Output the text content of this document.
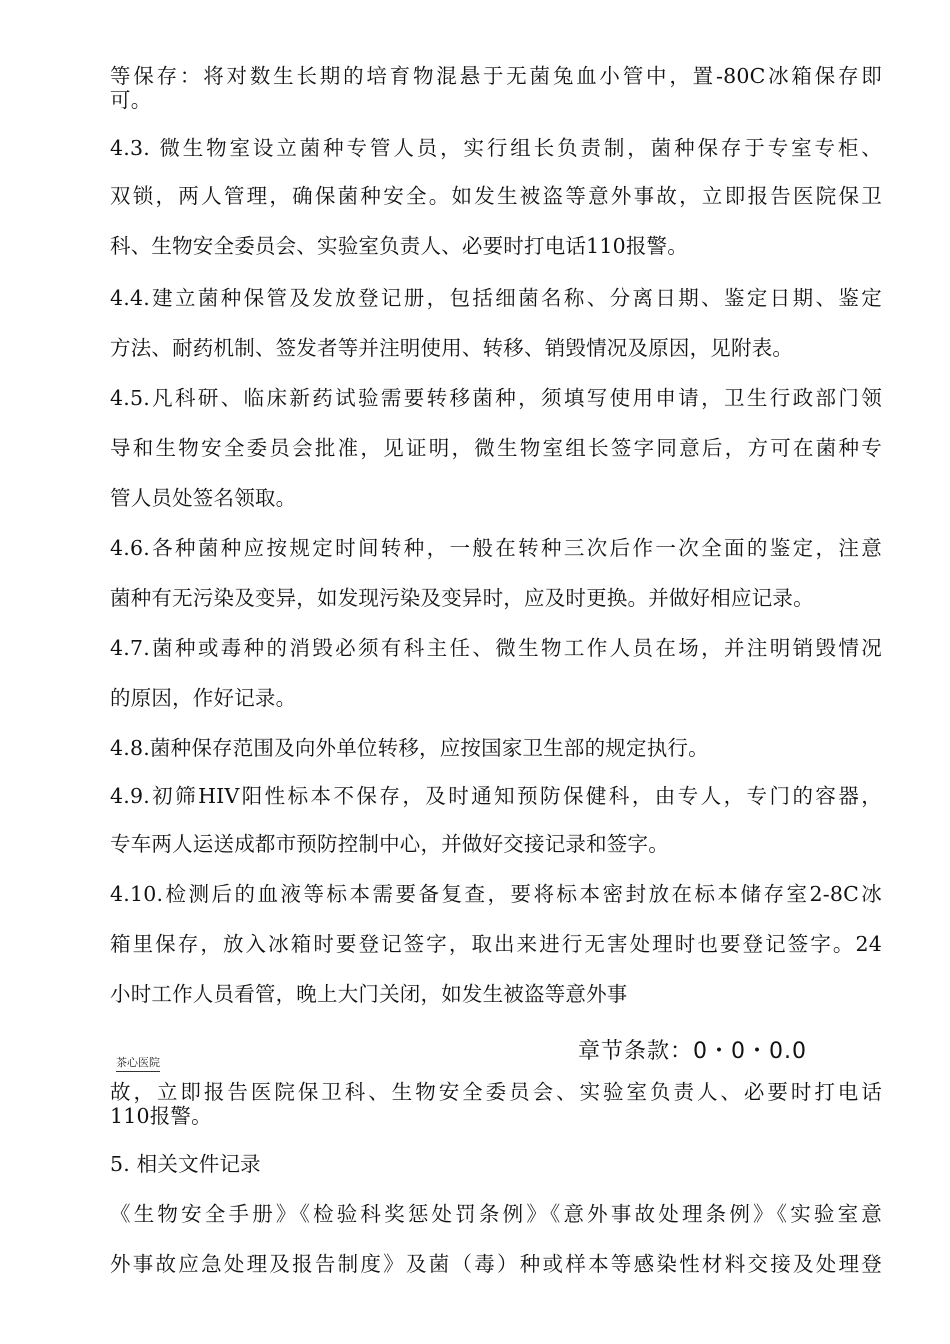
等保存：将对数生长期的培育物混悬于无菌兔血小管中，置-80C冰箱保存即
可。
4.3. 微生物室设立菌种专管人员，实行组长负责制，菌种保存于专室专柜、
双锁，两人管理，确保菌种安全。如发生被盗等意外事故，立即报告医院保卫
科、生物安全委员会、实验室负责人、必要时打电话110报警。
4.4.建立菌种保管及发放登记册，包括细菌名称、分离日期、鉴定日期、鉴定
方法、耐药机制、签发者等并注明使用、转移、销毁情况及原因，见附表。
4.5.凡科研、临床新药试验需要转移菌种，须填写使用申请，卫生行政部门领
导和生物安全委员会批准，见证明，微生物室组长签字同意后，方可在菌种专
管人员处签名领取。
4.6.各种菌种应按规定时间转种，一般在转种三次后作一次全面的鉴定，注意
菌种有无污染及变异，如发现污染及变异时，应及时更换。并做好相应记录。
4.7.菌种或毒种的消毁必须有科主任、微生物工作人员在场，并注明销毁情况
的原因，作好记录。
4.8.菌种保存范围及向外单位转移，应按国家卫生部的规定执行。
4.9.初筛HIV阳性标本不保存，及时通知预防保健科，由专人，专门的容器，
专车两人运送成都市预防控制中心，并做好交接记录和签字。
4.10.检测后的血液等标本需要备复查，要将标本密封放在标本储存室2-8C冰
箱里保存，放入冰箱时要登记签字，取出来进行无害处理时也要登记签字。24
小时工作人员看管，晚上大门关闭，如发生被盗等意外事
章节条款：0・0・0.0
茶心医院
故，立即报告医院保卫科、生物安全委员会、实验室负责人、必要时打电话
110报警。
5. 相关文件记录
《生物安全手册》《检验科奖惩处罚条例》《意外事故处理条例》《实验室意
外事故应急处理及报告制度》及菌（毒）种或样本等感染性材料交接及处理登
